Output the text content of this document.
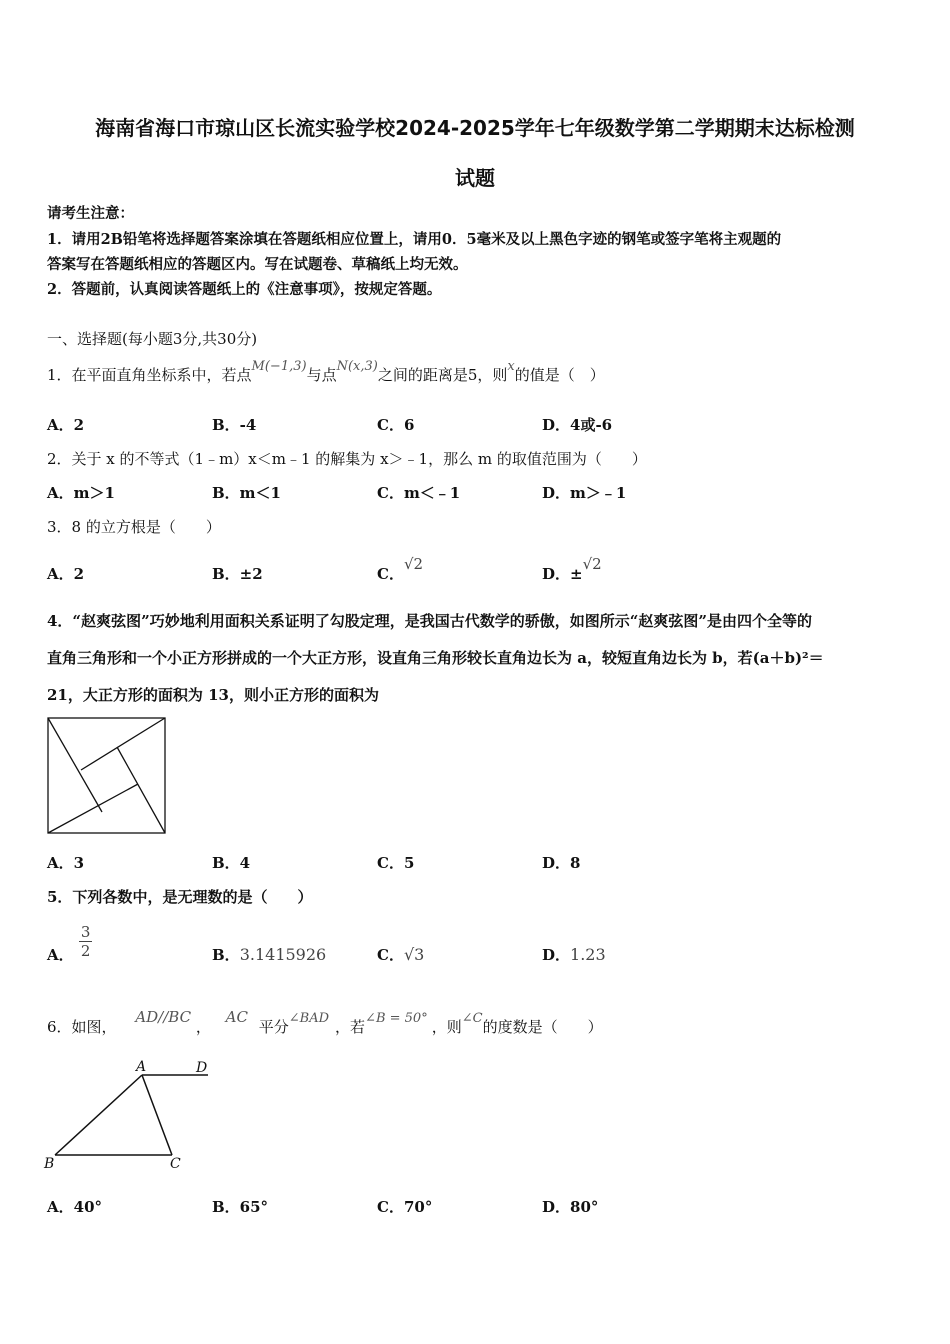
海南省海口市琼山区长流实验学校2024-2025学年七年级数学第二学期期末达标检测
试题
请考生注意：
1．请用2B铅笔将选择题答案涂填在答题纸相应位置上，请用0．5毫米及以上黑色字迹的钢笔或签字笔将主观题的
答案写在答题纸相应的答题区内。写在试题卷、草稿纸上均无效。
2．答题前，认真阅读答题纸上的《注意事项》，按规定答题。
一、选择题(每小题3分,共30分)
1．在平面直角坐标系中，若点M(−1,3)与点N(x,3)之间的距离是5，则x的值是（　）
A．2	B．-4	C．6	D．4或-6
2．关于 x 的不等式（1﹣m）x＜m﹣1 的解集为 x＞﹣1，那么 m 的取值范围为（　　）
A．m＞1	B．m＜1	C．m＜﹣1	D．m＞﹣1
3．8 的立方根是（　　）
A．2	B．±2	C．√2
D．±√2
4．“赵爽弦图”巧妙地利用面积关系证明了勾股定理，是我国古代数学的骄傲，如图所示“赵爽弦图”是由四个全等的
直角三角形和一个小正方形拼成的一个大正方形，设直角三角形较长直角边长为 a，较短直角边长为 b，若(a＋b)²＝
21，大正方形的面积为 13，则小正方形的面积为
A．3	B．4	C．5	D．8
5．下列各数中，是无理数的是（　　）
A． $\frac{3}{2}$	B．3.1415926	C．√3	D．1.23
6．如图， AD//BC ， AC 平分∠BAD ，若∠B = 50° ，则∠C的度数是（　　）
A	D
B	C
A．40°	B．65°	C．70°	D．80°
